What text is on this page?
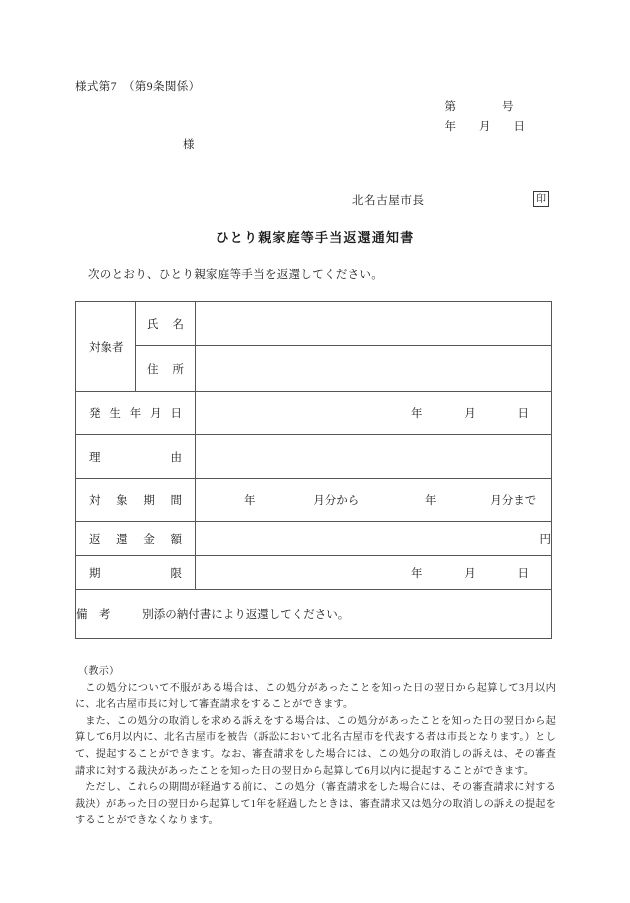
様式第7　（第9条関係）
第　　　　号
年　　月　　日
様
北名古屋市長	印
ひとり親家庭等手当返還通知書
次のとおり、ひとり親家庭等手当を返還してください。
対 象 者	氏 名	

	住 所	

発 生 年 月 日		年 月 日

理 由		

対 象 期 間		年 月分から 年 月分まで

返 還 金 額		円

期 限		年 月 日
備　考 別添の納付書により返還してください。		
（教示）

この処分について不服がある場合は、この処分があったことを知った日の翌日から起算して3月以内に、北名古屋市長に対して審査請求をすることができます。

また、この処分の取消しを求める訴えをする場合は、この処分があったことを知った日の翌日から起算して6月以内に、北名古屋市を被告（訴訟において北名古屋市を代表する者は市長となります。）として、提起することができます。なお、審査請求をした場合には、この処分の取消しの訴えは、その審査請求に対する裁決があったことを知った日の翌日から起算して6月以内に提起することができます。

ただし、これらの期間が経過する前に、この処分（審査請求をした場合には、その審査請求に対する裁決）があった日の翌日から起算して1年を経過したときは、審査請求又は処分の取消しの訴えの提起をすることができなくなります。
